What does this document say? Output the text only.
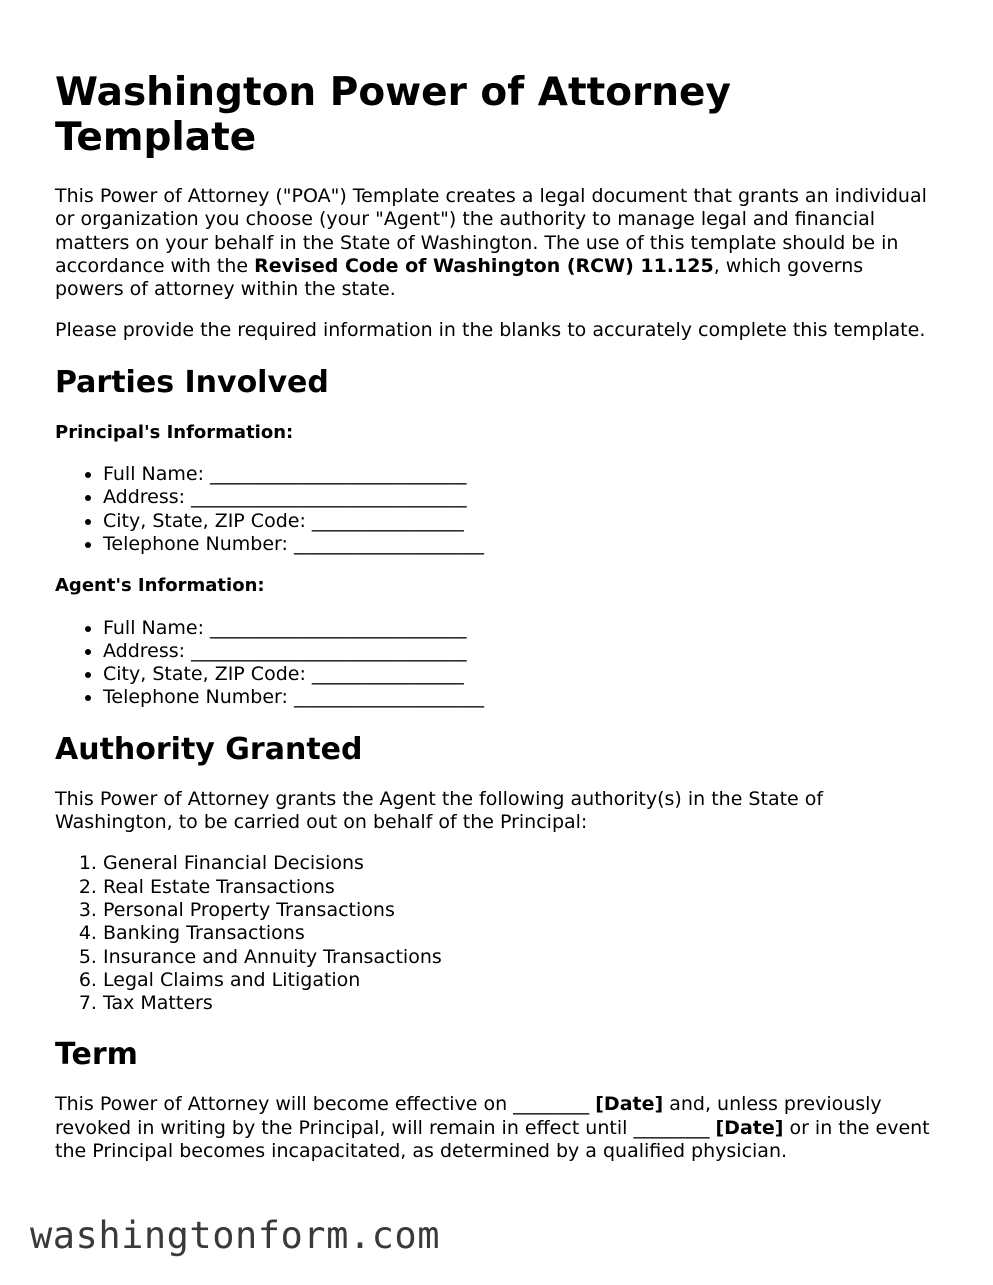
Washington Power of Attorney Template

This Power of Attorney ("POA") Template creates a legal document that grants an individual or organization you choose (your "Agent") the authority to manage legal and financial matters on your behalf in the State of Washington. The use of this template should be in accordance with the Revised Code of Washington (RCW) 11.125, which governs powers of attorney within the state.

Please provide the required information in the blanks to accurately complete this template.

Parties Involved
Principal's Information:
• Full Name: ___________________________
• Address: _____________________________
• City, State, ZIP Code: ________________
• Telephone Number: ____________________
Agent's Information:
• Full Name: ___________________________
• Address: _____________________________
• City, State, ZIP Code: ________________
• Telephone Number: ____________________
Authority Granted

This Power of Attorney grants the Agent the following authority(s) in the State of Washington, to be carried out on behalf of the Principal:

1. General Financial Decisions
2. Real Estate Transactions
3. Personal Property Transactions
4. Banking Transactions
5. Insurance and Annuity Transactions
6. Legal Claims and Litigation
7. Tax Matters
Term

This Power of Attorney will become effective on ________ [Date] and, unless previously revoked in writing by the Principal, will remain in effect until ________ [Date] or in the event the Principal becomes incapacitated, as determined by a qualified physician.

washingtonform.com
